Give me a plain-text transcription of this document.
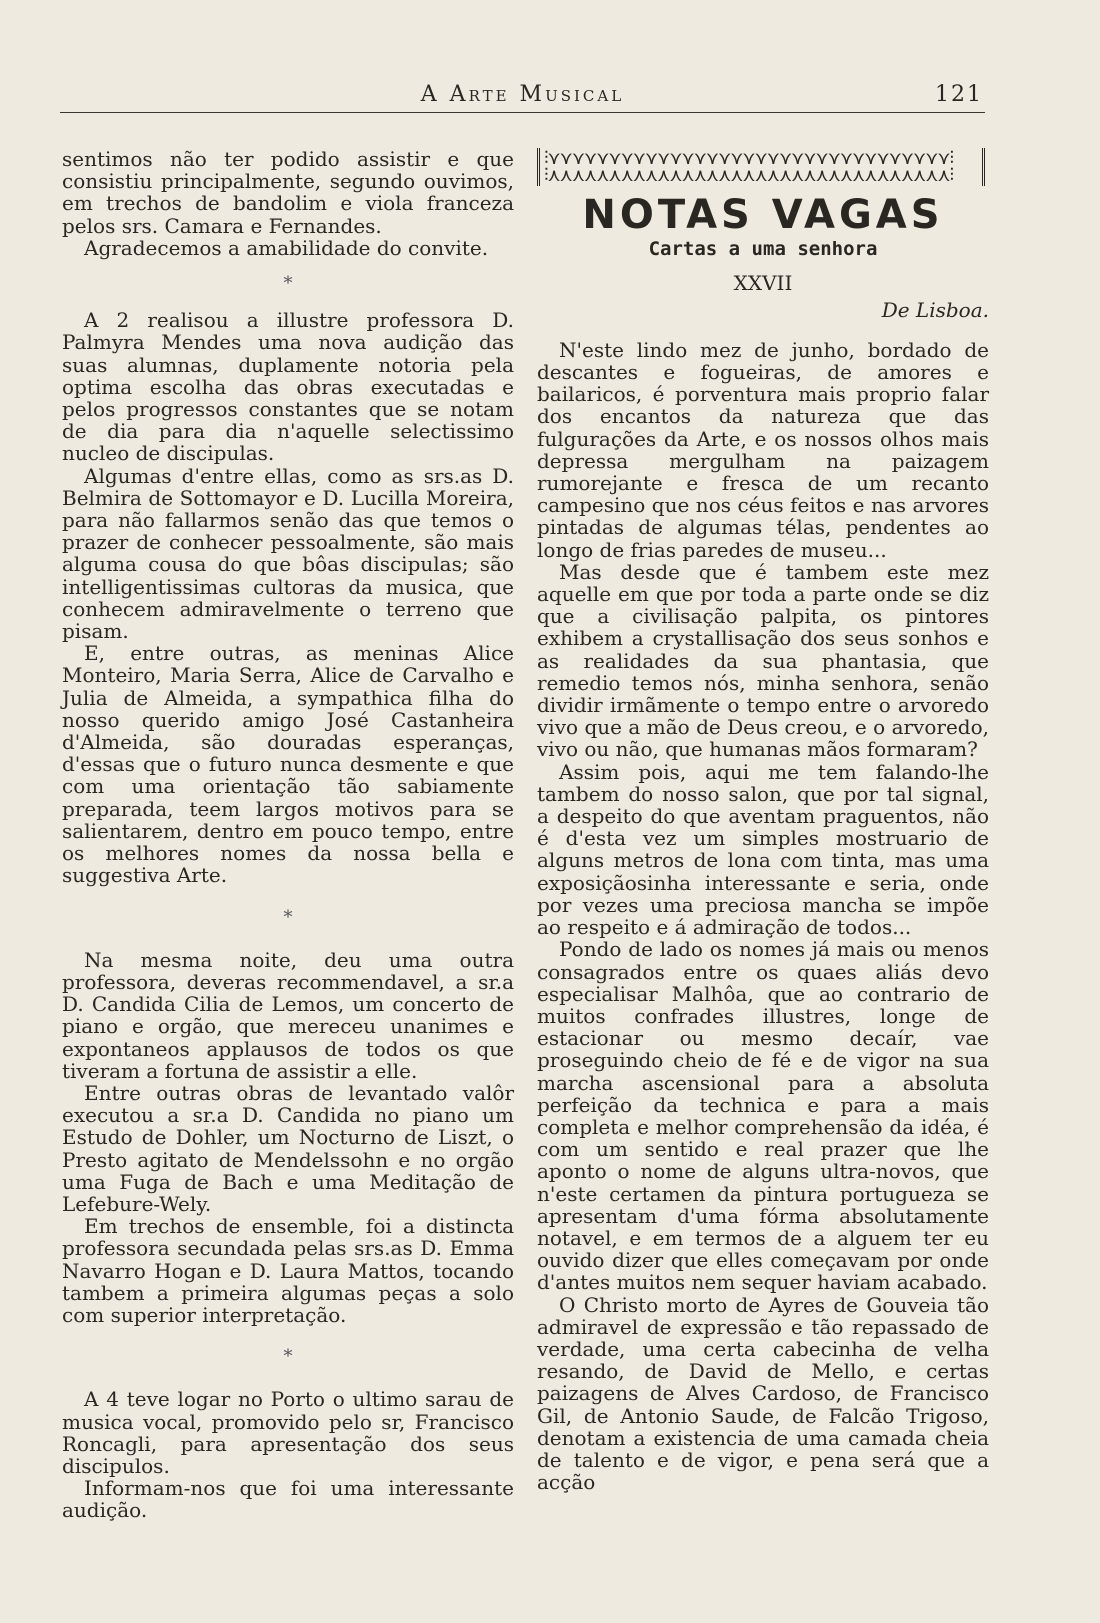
A Arte Musical	121

sentimos não ter podido assistir e que consistiu principalmente, segundo ouvimos, em trechos de bandolim e viola franceza pelos srs. Camara e Fernandes.

Agradecemos a amabilidade do convite.

*

A 2 realisou a illustre professora D. Palmyra Mendes uma nova audição das suas alumnas, duplamente notoria pela optima escolha das obras executadas e pelos progressos constantes que se notam de dia para dia n'aquelle selectissimo nucleo de discipulas.

Algumas d'entre ellas, como as srs.as D. Belmira de Sottomayor e D. Lucilla Moreira, para não fallarmos senão das que temos o prazer de conhecer pessoalmente, são mais alguma cousa do que bôas discipulas; são intelligentissimas cultoras da musica, que conhecem admiravelmente o terreno que pisam.

E, entre outras, as meninas Alice Monteiro, Maria Serra, Alice de Carvalho e Julia de Almeida, a sympathica filha do nosso querido amigo José Castanheira d'Almeida, são douradas esperanças, d'essas que o futuro nunca desmente e que com uma orientação tão sabiamente preparada, teem largos motivos para se salientarem, dentro em pouco tempo, entre os melhores nomes da nossa bella e suggestiva Arte.

*

Na mesma noite, deu uma outra professora, deveras recommendavel, a sr.a D. Candida Cilia de Lemos, um concerto de piano e orgão, que mereceu unanimes e expontaneos applausos de todos os que tiveram a fortuna de assistir a elle.

Entre outras obras de levantado valôr executou a sr.a D. Candida no piano um Estudo de Dohler, um Nocturno de Liszt, o Presto agitato de Mendelssohn e no orgão uma Fuga de Bach e uma Meditação de Lefebure-Wely.

Em trechos de ensemble, foi a distincta professora secundada pelas srs.as D. Emma Navarro Hogan e D. Laura Mattos, tocando tambem a primeira algumas peças a solo com superior interpretação.

*

A 4 teve logar no Porto o ultimo sarau de musica vocal, promovido pelo sr, Francisco Roncagli, para apresentação dos seus discipulos.

Informam-nos que foi uma interessante audição.

⫶⋎⋎⋎⋎⋎⋎⋎⋎⋎⋎⋎⋎⋎⋎⋎⋎⋎⋎⋎⋎⋎⋎⋎⋎⋎⋎⋎⋎⋎⋎⋎⋎⋎⫶
⫶⋏⋏⋏⋏⋏⋏⋏⋏⋏⋏⋏⋏⋏⋏⋏⋏⋏⋏⋏⋏⋏⋏⋏⋏⋏⋏⋏⋏⋏⋏⋏⋏⋏⫶
NOTAS VAGAS
Cartas a uma senhora
XXVII
De Lisboa.

N'este lindo mez de junho, bordado de descantes e fogueiras, de amores e bailaricos, é porventura mais proprio falar dos encantos da natureza que das fulgurações da Arte, e os nossos olhos mais depressa mergulham na paizagem rumorejante e fresca de um recanto campesino que nos céus feitos e nas arvores pintadas de algumas télas, pendentes ao longo de frias paredes de museu...

Mas desde que é tambem este mez aquelle em que por toda a parte onde se diz que a civilisação palpita, os pintores exhibem a crystallisação dos seus sonhos e as realidades da sua phantasia, que remedio temos nós, minha senhora, senão dividir irmãmente o tempo entre o arvoredo vivo que a mão de Deus creou, e o arvoredo, vivo ou não, que humanas mãos formaram?

Assim pois, aqui me tem falando-lhe tambem do nosso salon, que por tal signal, a despeito do que aventam praguentos, não é d'esta vez um simples mostruario de alguns metros de lona com tinta, mas uma exposiçãosinha interessante e seria, onde por vezes uma preciosa mancha se impõe ao respeito e á admiração de todos...

Pondo de lado os nomes já mais ou menos consagrados entre os quaes aliás devo especialisar Malhôa, que ao contrario de muitos confrades illustres, longe de estacionar ou mesmo decaír, vae proseguindo cheio de fé e de vigor na sua marcha ascensional para a absoluta perfeição da technica e para a mais completa e melhor comprehensão da idéa, é com um sentido e real prazer que lhe aponto o nome de alguns ultra-novos, que n'este certamen da pintura portugueza se apresentam d'uma fórma absolutamente notavel, e em termos de a alguem ter eu ouvido dizer que elles começavam por onde d'antes muitos nem sequer haviam acabado.

O Christo morto de Ayres de Gouveia tão admiravel de expressão e tão repassado de verdade, uma certa cabecinha de velha resando, de David de Mello, e certas paizagens de Alves Cardoso, de Francisco Gil, de Antonio Saude, de Falcão Trigoso, denotam a existencia de uma camada cheia de talento e de vigor, e pena será que a acção
